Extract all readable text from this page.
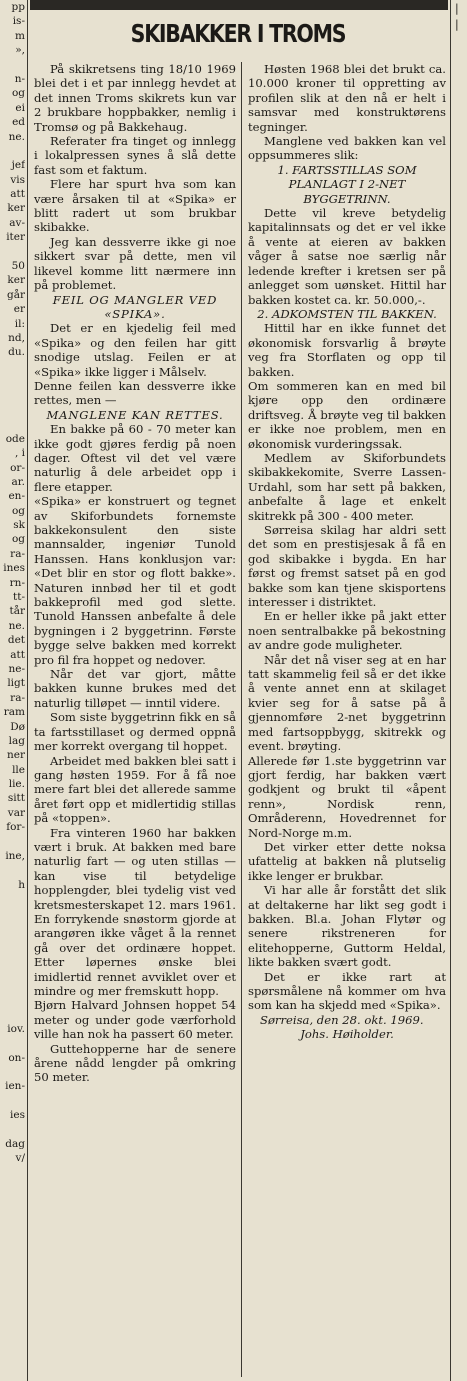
pp
is-
m
»,
n-
og
ei
ed
ne.
jef
vis
att
ker
av-
iter
50
ker
går
er
il:
nd,
du.
ode
, i
or-
ar.
en-
og
sk
og
ra-
ines
rn-
tt-
tår
ne.
det
att
ne-
ligt
ra-
ram
Dø
lag
ner
lle
lie.
sitt
var
for-
ine,
h
iov.
on-
ien-
ies
dag
v/
|
|
SKIBAKKER I TROMS

På skikretsens ting 18/10 1969 blei det i et par innlegg hevdet at det innen Troms skikrets kun var 2 brukbare hoppbakker, nemlig i Tromsø og på Bakkehaug.

Referater fra tinget og innlegg i lokalpressen synes å slå dette fast som et faktum.

Flere har spurt hva som kan være årsaken til at «Spika» er blitt radert ut som brukbar skibakke.

Jeg kan dessverre ikke gi noe sikkert svar på dette, men vil likevel komme litt nærmere inn på problemet.

FEIL OG MANGLER VED «SPIKA».

Det er en kjedelig feil med «Spika» og den feilen har gitt snodige utslag. Feilen er at «Spika» ikke ligger i Målselv.

Denne feilen kan dessverre ikke rettes, men —

MANGLENE KAN RETTES.

En bakke på 60 - 70 meter kan ikke godt gjøres ferdig på noen dager. Oftest vil det vel være naturlig å dele arbeidet opp i flere etapper.

«Spika» er konstruert og tegnet av Skiforbundets fornemste bakkekonsulent den siste mannsalder, ingeniør Tunold Hanssen. Hans konklusjon var: «Det blir en stor og flott bakke». Naturen innbød her til et godt bakkeprofil med god slette. Tunold Hanssen anbefalte å dele bygningen i 2 byggetrinn. Første bygge selve bakken med korrekt pro fil fra hoppet og nedover.

Når det var gjort, måtte bakken kunne brukes med det naturlig tilløpet — inntil videre.

Som siste byggetrinn fikk en så ta fartsstillaset og dermed oppnå mer korrekt overgang til hoppet.

Arbeidet med bakken blei satt i gang høsten 1959. For å få noe mere fart blei det allerede samme året ført opp et midlertidig stillas på «toppen».

Fra vinteren 1960 har bakken vært i bruk. At bakken med bare naturlig fart — og uten stillas — kan vise til betydelige hopplengder, blei tydelig vist ved kretsmesterskapet 12. mars 1961. En forrykende snøstorm gjorde at arangøren ikke våget å la rennet gå over det ordinære hoppet. Etter løpernes ønske blei imidlertid rennet avviklet over et mindre og mer fremskutt hopp.

Bjørn Halvard Johnsen hoppet 54 meter og under gode værforhold ville han nok ha passert 60 meter.

Guttehopperne har de senere årene nådd lengder på omkring 50 meter.

Høsten 1968 blei det brukt ca. 10.000 kroner til oppretting av profilen slik at den nå er helt i samsvar med konstruktørens tegninger.

Manglene ved bakken kan vel oppsummeres slik:

1. FARTSSTILLAS SOM PLANLAGT I 2-NET BYGGETRINN.

Dette vil kreve betydelig kapitalinnsats og det er vel ikke å vente at eieren av bakken våger å satse noe særlig når ledende krefter i kretsen ser på anlegget som uønsket. Hittil har bakken kostet ca. kr. 50.000,-.

2. ADKOMSTEN TIL BAKKEN.

Hittil har en ikke funnet det økonomisk forsvarlig å brøyte veg fra Storflaten og opp til bakken.

Om sommeren kan en med bil kjøre opp den ordinære driftsveg. Å brøyte veg til bakken er ikke noe problem, men en økonomisk vurderingssak.

Medlem av Skiforbundets skibakkekomite, Sverre Lassen-Urdahl, som har sett på bakken, anbefalte å lage et enkelt skitrekk på 300 - 400 meter.

Sørreisa skilag har aldri sett det som en prestisjesak å få en god skibakke i bygda. En har først og fremst satset på en god bakke som kan tjene skisportens interesser i distriktet.

En er heller ikke på jakt etter noen sentralbakke på bekostning av andre gode muligheter.

Når det nå viser seg at en har tatt skammelig feil så er det ikke å vente annet enn at skilaget kvier seg for å satse på å gjennomføre 2-net byggetrinn med fartsoppbygg, skitrekk og event. brøyting.

Allerede før 1.ste byggetrinn var gjort ferdig, har bakken vært godkjent og brukt til «åpent renn», Nordisk renn, Områderenn, Hovedrennet for Nord-Norge m.m.

Det virker etter dette noksa ufattelig at bakken nå plutselig ikke lenger er brukbar.

Vi har alle år forstått det slik at deltakerne har likt seg godt i bakken. Bl.a. Johan Flytør og senere rikstreneren for elitehopperne, Guttorm Heldal, likte bakken svært godt.

Det er ikke rart at spørsmålene nå kommer om hva som kan ha skjedd med «Spika».

Sørreisa, den 28. okt. 1969.

Johs. Høiholder.
